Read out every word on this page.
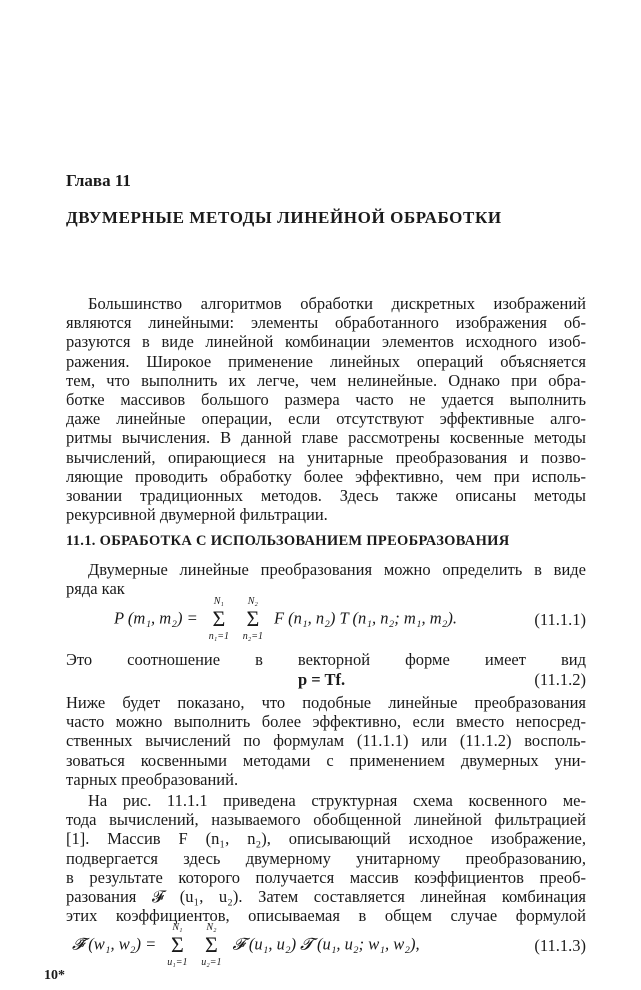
Глава 11
ДВУМЕРНЫЕ МЕТОДЫ ЛИНЕЙНОЙ ОБРАБОТКИ
Большинство алгоритмов обработки дискретных изображений
являются линейными: элементы обработанного изображения об-
разуются в виде линейной комбинации элементов исходного изоб-
ражения. Широкое применение линейных операций объясняется
тем, что выполнить их легче, чем нелинейные. Однако при обра-
ботке массивов большого размера часто не удается выполнить
даже линейные операции, если отсутствуют эффективные алго-
ритмы вычисления. В данной главе рассмотрены косвенные методы
вычислений, опирающиеся на унитарные преобразования и позво-
ляющие проводить обработку более эффективно, чем при исполь-
зовании традиционных методов. Здесь также описаны методы
рекурсивной двумерной фильтрации.
11.1. ОБРАБОТКА С ИСПОЛЬЗОВАНИЕМ ПРЕОБРАЗОВАНИЯ
Двумерные линейные преобразования можно определить в виде
ряда как
P (m₁, m₂) =
N₁
Σ
n₁=1
N₂
Σ
n₂=1
F (n₁, n₂) T (n₁, n₂; m₁, m₂).	(11.1.1)
Это соотношение в векторной форме имеет вид
p = Tf.	(11.1.2)
Ниже будет показано, что подобные линейные преобразования
часто можно выполнить более эффективно, если вместо непосред-
ственных вычислений по формулам (11.1.1) или (11.1.2) восполь-
зоваться косвенными методами с применением двумерных уни-
тарных преобразований.
На рис. 11.1.1 приведена структурная схема косвенного ме-
тода вычислений, называемого обобщенной линейной фильтрацией
[1]. Массив F (n₁, n₂), описывающий исходное изображение,
подвергается здесь двумерному унитарному преобразованию,
в результате которого получается массив коэффициентов преоб-
разования 𝓕 (u₁, u₂). Затем составляется линейная комбинация
этих коэффициентов, описываемая в общем случае формулой
𝓕̃ (w₁, w₂) =
N₁
Σ
u₁=1
N₂
Σ
u₂=1
𝓕 (u₁, u₂) 𝓣 (u₁, u₂; w₁, w₂),	(11.1.3)
10*
